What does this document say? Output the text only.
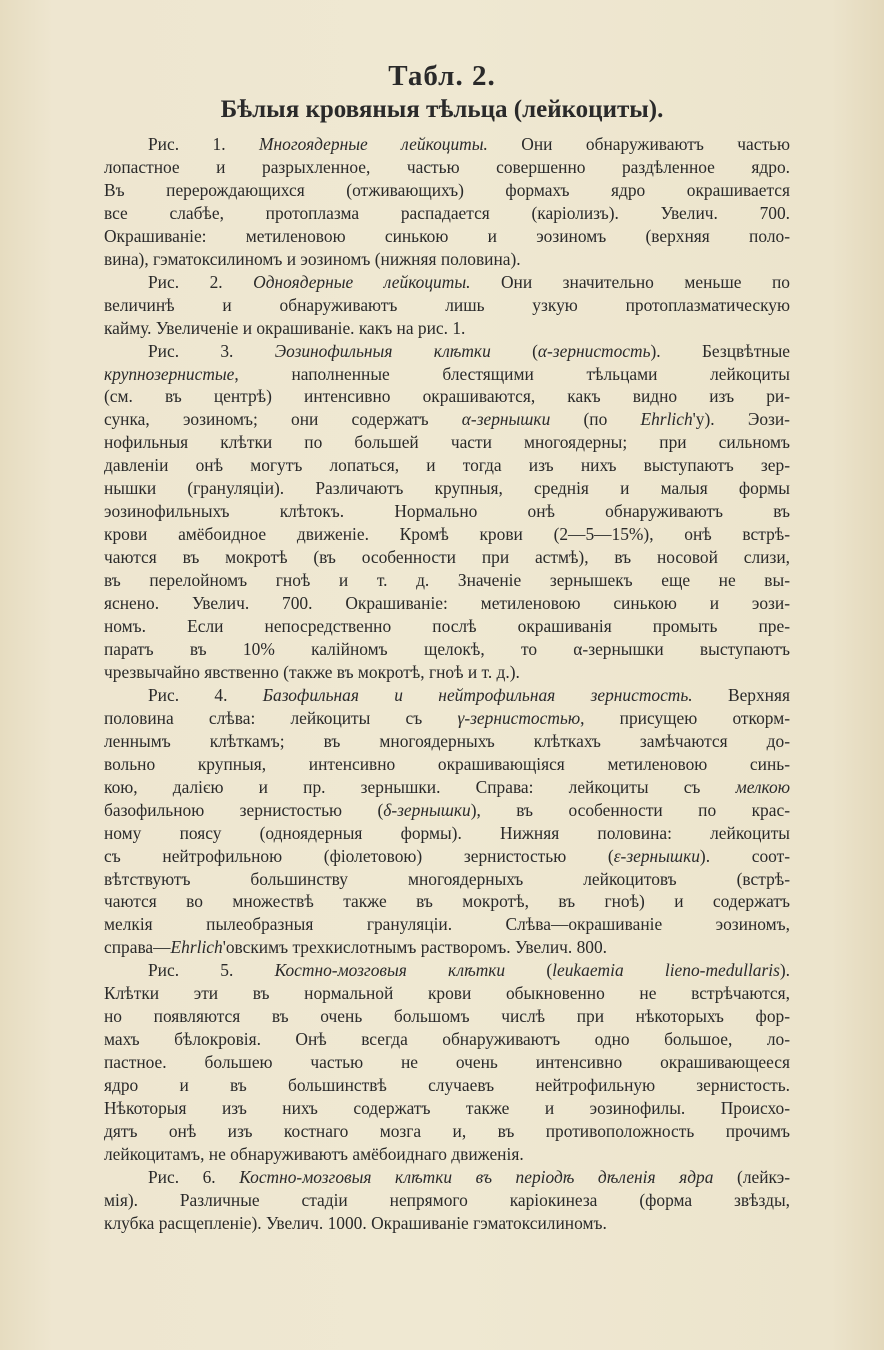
Табл. 2.
Бѣлыя кровяныя тѣльца (лейкоциты).
Рис. 1. Многоядерные лейкоциты. Они обнаруживаютъ частью
лопастное и разрыхленное, частью совершенно раздѣленное ядро.
Въ перерождающихся (отживающихъ) формахъ ядро окрашивается
все слабѣе, протоплазма распадается (каріолизъ). Увелич. 700.
Окрашиваніе: метиленовою синькою и эозиномъ (верхняя поло-
вина), гэматоксилиномъ и эозиномъ (нижняя половина).
Рис. 2. Одноядерные лейкоциты. Они значительно меньше по
величинѣ и обнаруживаютъ лишь узкую протоплазматическую
кайму. Увеличеніе и окрашиваніе. какъ на рис. 1.
Рис. 3. Эозинофильныя клѣтки (α-зернистость). Безцвѣтные
крупнозернистые, наполненные блестящими тѣльцами лейкоциты
(см. въ центрѣ) интенсивно окрашиваются, какъ видно изъ ри-
сунка, эозиномъ; они содержатъ α-зернышки (по Ehrlich'у). Эози-
нофильныя клѣтки по большей части многоядерны; при сильномъ
давленіи онѣ могутъ лопаться, и тогда изъ нихъ выступаютъ зер-
нышки (грануляціи). Различаютъ крупныя, среднія и малыя формы
эозинофильныхъ клѣтокъ. Нормально онѣ обнаруживаютъ въ
крови амёбоидное движеніе. Кромѣ крови (2—5—15%), онѣ встрѣ-
чаются въ мокротѣ (въ особенности при астмѣ), въ носовой слизи,
въ перелойномъ гноѣ и т. д. Значеніе зернышекъ еще не вы-
яснено. Увелич. 700. Окрашиваніе: метиленовою синькою и эози-
номъ. Если непосредственно послѣ окрашиванія промыть пре-
паратъ въ 10% калійномъ щелокѣ, то α-зернышки выступаютъ
чрезвычайно явственно (также въ мокротѣ, гноѣ и т. д.).
Рис. 4. Базофильная и нейтрофильная зернистость. Верхняя
половина слѣва: лейкоциты съ γ-зернистостью, присущею откорм-
леннымъ клѣткамъ; въ многоядерныхъ клѣткахъ замѣчаются до-
вольно крупныя, интенсивно окрашивающіяся метиленовою синь-
кою, далією и пр. зернышки. Справа: лейкоциты съ мелкою
базофильною зернистостью (δ-зернышки), въ особенности по крас-
ному поясу (одноядерныя формы). Нижняя половина: лейкоциты
съ нейтрофильною (фіолетовою) зернистостью (ε-зернышки). соот-
вѣтствуютъ большинству многоядерныхъ лейкоцитовъ (встрѣ-
чаются во множествѣ также въ мокротѣ, въ гноѣ) и содержатъ
мелкія пылеобразныя грануляціи. Слѣва—окрашиваніе эозиномъ,
справа—Ehrlich'овскимъ трехкислотнымъ растворомъ. Увелич. 800.
Рис. 5. Костно-мозговыя клѣтки (leukaemia lieno-medullaris).
Клѣтки эти въ нормальной крови обыкновенно не встрѣчаются,
но появляются въ очень большомъ числѣ при нѣкоторыхъ фор-
махъ бѣлокровія. Онѣ всегда обнаруживаютъ одно большое, ло-
пастное. большею частью не очень интенсивно окрашивающееся
ядро и въ большинствѣ случаевъ нейтрофильную зернистость.
Нѣкоторыя изъ нихъ содержатъ также и эозинофилы. Происхо-
дятъ онѣ изъ костнаго мозга и, въ противоположность прочимъ
лейкоцитамъ, не обнаруживаютъ амёбоиднаго движенія.
Рис. 6. Костно-мозговыя клѣтки въ періодѣ дѣленія ядра (лейкэ-
мія). Различные стадіи непрямого каріокинеза (форма звѣзды,
клубка расщепленіе). Увелич. 1000. Окрашиваніе гэматоксилиномъ.
